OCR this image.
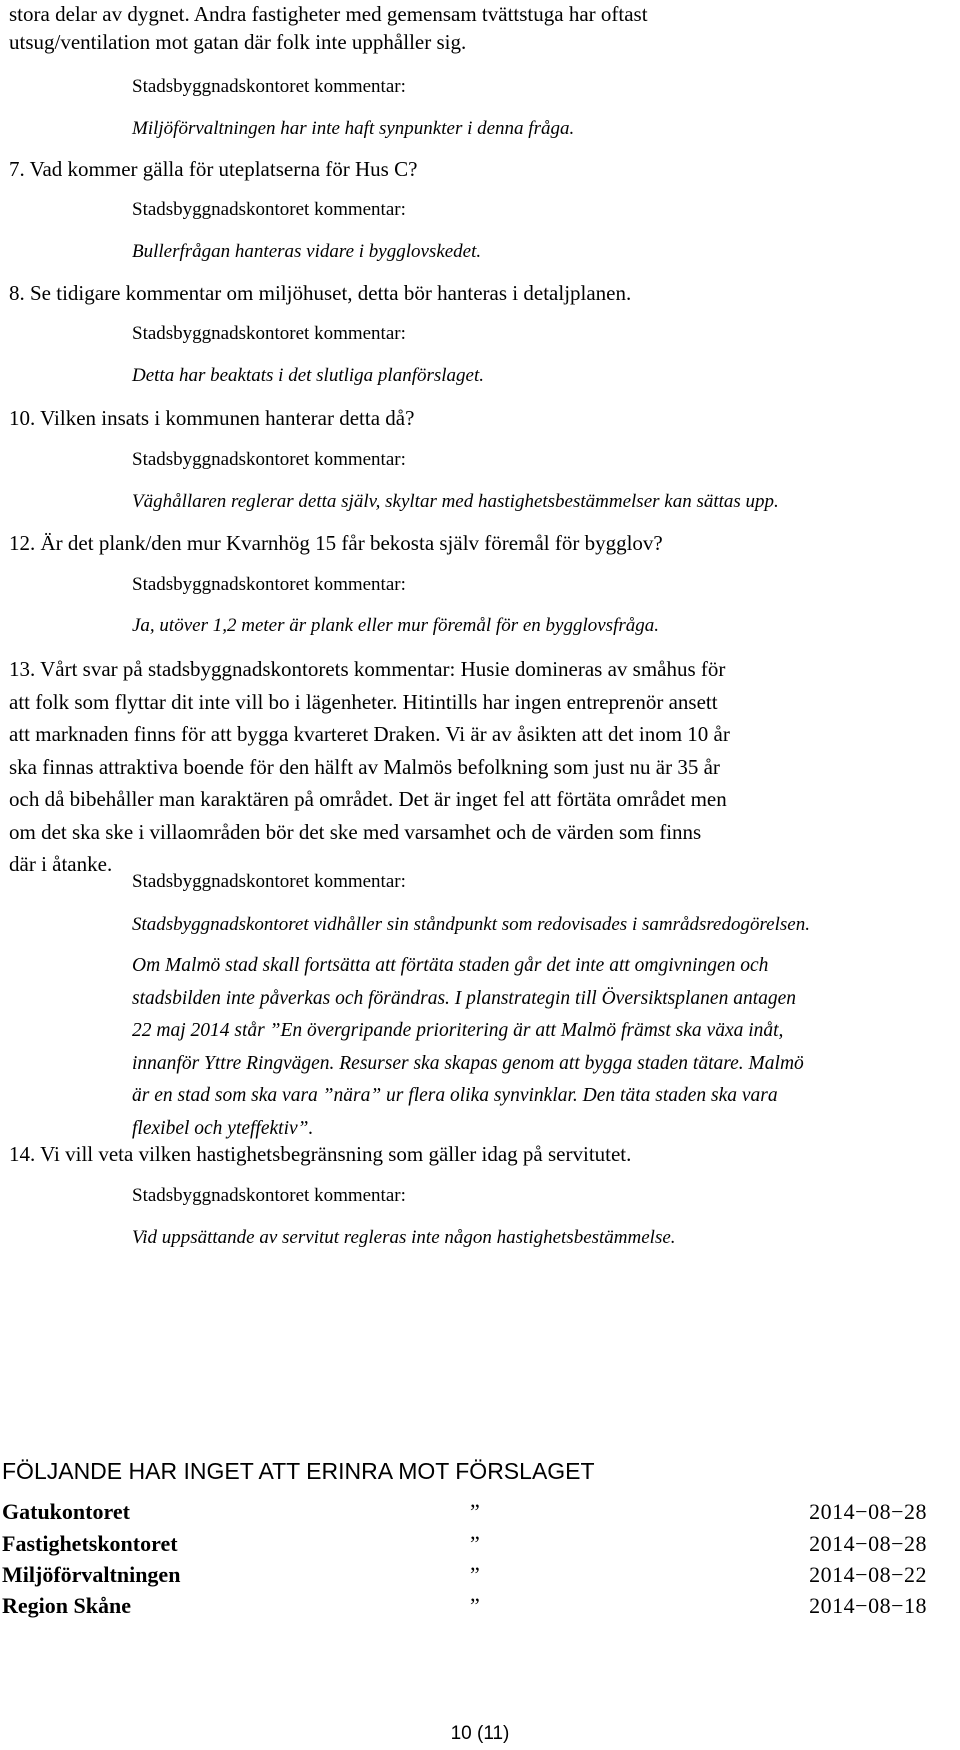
stora delar av dygnet. Andra fastigheter med gemensam tvättstuga har oftast
utsug/ventilation mot gatan där folk inte upphåller sig.
Stadsbyggnadskontoret kommentar:
Miljöförvaltningen har inte haft synpunkter i denna fråga.
7. Vad kommer gälla för uteplatserna för Hus C?
Stadsbyggnadskontoret kommentar:
Bullerfrågan hanteras vidare i bygglovskedet.
8. Se tidigare kommentar om miljöhuset, detta bör hanteras i detaljplanen.
Stadsbyggnadskontoret kommentar:
Detta har beaktats i det slutliga planförslaget.
10. Vilken insats i kommunen hanterar detta då?
Stadsbyggnadskontoret kommentar:
Väghållaren reglerar detta själv, skyltar med hastighetsbestämmelser kan sättas upp.
12. Är det plank/den mur Kvarnhög 15 får bekosta själv föremål för bygglov?
Stadsbyggnadskontoret kommentar:
Ja, utöver 1,2 meter är plank eller mur föremål för en bygglovsfråga.

13. Vårt svar på stadsbyggnadskontorets kommentar: Husie domineras av småhus för

att folk som flyttar dit inte vill bo i lägenheter. Hitintills har ingen entreprenör ansett

att marknaden finns för att bygga kvarteret Draken. Vi är av åsikten att det inom 10 år

ska finnas attraktiva boende för den hälft av Malmös befolkning som just nu är 35 år

och då bibehåller man karaktären på området. Det är inget fel att förtäta området men

om det ska ske i villaområden bör det ske med varsamhet och de värden som finns

där i åtanke.

Stadsbyggnadskontoret kommentar:
Stadsbyggnadskontoret vidhåller sin ståndpunkt som redovisades i samrådsredogörelsen.
Om Malmö stad skall fortsätta att förtäta staden går det inte att omgivningen och
stadsbilden inte påverkas och förändras. I planstrategin till Översiktsplanen antagen
22 maj 2014 står ”En övergripande prioritering är att Malmö främst ska växa inåt,
innanför Yttre Ringvägen. Resurser ska skapas genom att bygga staden tätare. Malmö
är en stad som ska vara ”nära” ur flera olika synvinklar. Den täta staden ska vara
flexibel och yteffektiv”.
14. Vi vill veta vilken hastighetsbegränsning som gäller idag på servitutet.
Stadsbyggnadskontoret kommentar:
Vid uppsättande av servitut regleras inte någon hastighetsbestämmelse.
FÖLJANDE HAR INGET ATT ERINRA MOT FÖRSLAGET
Gatukontoret	”	2014−08−28
Fastighetskontoret	”	2014−08−28
Miljöförvaltningen	”	2014−08−22
Region Skåne	”	2014−08−18
10 (11)
